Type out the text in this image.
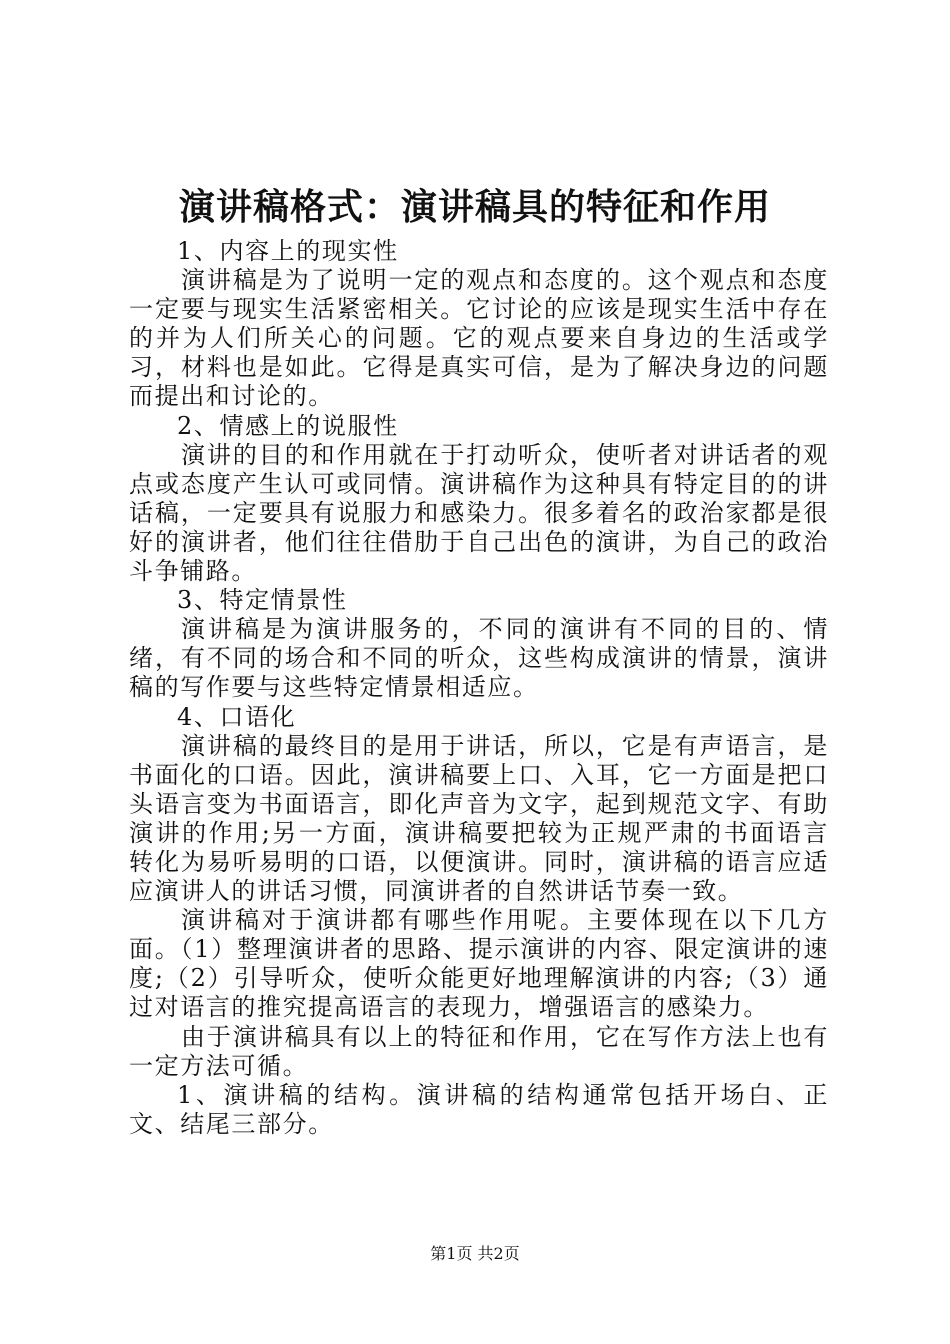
演讲稿格式：演讲稿具的特征和作用

1、内容上的现实性

演讲稿是为了说明一定的观点和态度的。这个观点和态度一定要与现实生活紧密相关。它讨论的应该是现实生活中存在的并为人们所关心的问题。它的观点要来自身边的生活或学习，材料也是如此。它得是真实可信，是为了解决身边的问题而提出和讨论的。

2、情感上的说服性

演讲的目的和作用就在于打动听众，使听者对讲话者的观点或态度产生认可或同情。演讲稿作为这种具有特定目的的讲话稿，一定要具有说服力和感染力。很多着名的政治家都是很好的演讲者，他们往往借肋于自己出色的演讲，为自己的政治斗争铺路。

3、特定情景性

演讲稿是为演讲服务的，不同的演讲有不同的目的、情绪，有不同的场合和不同的听众，这些构成演讲的情景，演讲稿的写作要与这些特定情景相适应。

4、口语化

演讲稿的最终目的是用于讲话，所以，它是有声语言，是书面化的口语。因此，演讲稿要上口、入耳，它一方面是把口头语言变为书面语言，即化声音为文字，起到规范文字、有助演讲的作用;另一方面，演讲稿要把较为正规严肃的书面语言转化为易听易明的口语，以便演讲。同时，演讲稿的语言应适应演讲人的讲话习惯，同演讲者的自然讲话节奏一致。

演讲稿对于演讲都有哪些作用呢。主要体现在以下几方面。（1）整理演讲者的思路、提示演讲的内容、限定演讲的速度;（2）引导听众，使听众能更好地理解演讲的内容;（3）通过对语言的推究提高语言的表现力，增强语言的感染力。

由于演讲稿具有以上的特征和作用，它在写作方法上也有一定方法可循。

1、演讲稿的结构。演讲稿的结构通常包括开场白、正文、结尾三部分。

第1页 共2页
